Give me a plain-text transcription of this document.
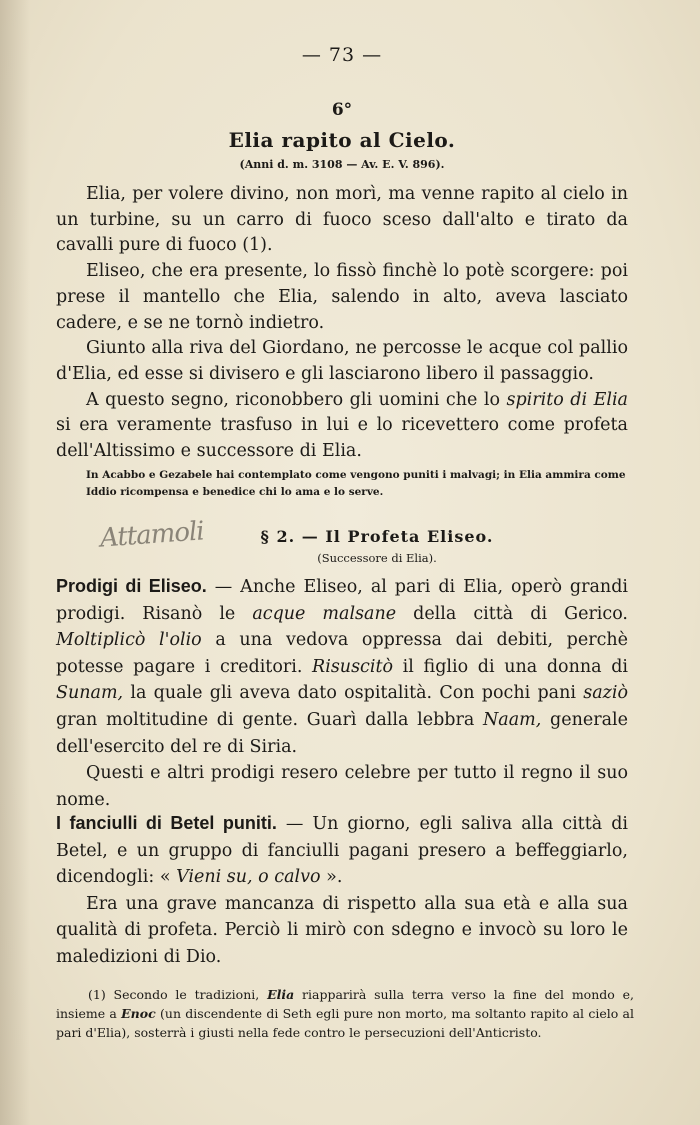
— 73 —
6°
Elia rapito al Cielo.
(Anni d. m. 3108 — Av. E. V. 896).

Elia, per volere divino, non morì, ma venne rapito al cielo in un turbine, su un carro di fuoco sceso dall'alto e tirato da cavalli pure di fuoco (1).

Eliseo, che era presente, lo fissò finchè lo potè scorgere: poi prese il mantello che Elia, salendo in alto, aveva lasciato cadere, e se ne tornò indietro.

Giunto alla riva del Giordano, ne percosse le acque col pallio d'Elia, ed esse si divisero e gli lasciarono libero il passaggio.

A questo segno, riconobbero gli uomini che lo spirito di Elia si era veramente trasfuso in lui e lo ricevettero come profeta dell'Altissimo e successore di Elia.

In Acabbo e Gezabele hai contemplato come vengono puniti i malvagi; in Elia ammira come Iddio ricompensa e benedice chi lo ama e lo serve.
Attamoli	§ 2. — Il Profeta Eliseo.
(Successore di Elia).

Prodigi di Eliseo. — Anche Eliseo, al pari di Elia, operò grandi prodigi. Risanò le acque malsane della città di Gerico. Moltiplicò l'olio a una vedova oppressa dai debiti, perchè potesse pagare i creditori. Risuscitò il figlio di una donna di Sunam, la quale gli aveva dato ospitalità. Con pochi pani saziò gran moltitudine di gente. Guarì dalla lebbra Naam, generale dell'esercito del re di Siria.

Questi e altri prodigi resero celebre per tutto il regno il suo nome.

I fanciulli di Betel puniti. — Un giorno, egli saliva alla città di Betel, e un gruppo di fanciulli pagani presero a beffeggiarlo, dicendogli: « Vieni su, o calvo ».

Era una grave mancanza di rispetto alla sua età e alla sua qualità di profeta. Perciò li mirò con sdegno e invocò su loro le maledizioni di Dio.

(1) Secondo le tradizioni, Elia riapparirà sulla terra verso la fine del mondo e, insieme a Enoc (un discendente di Seth egli pure non morto, ma soltanto rapito al cielo al pari d'Elia), sosterrà i giusti nella fede contro le persecuzioni dell'Anticristo.
